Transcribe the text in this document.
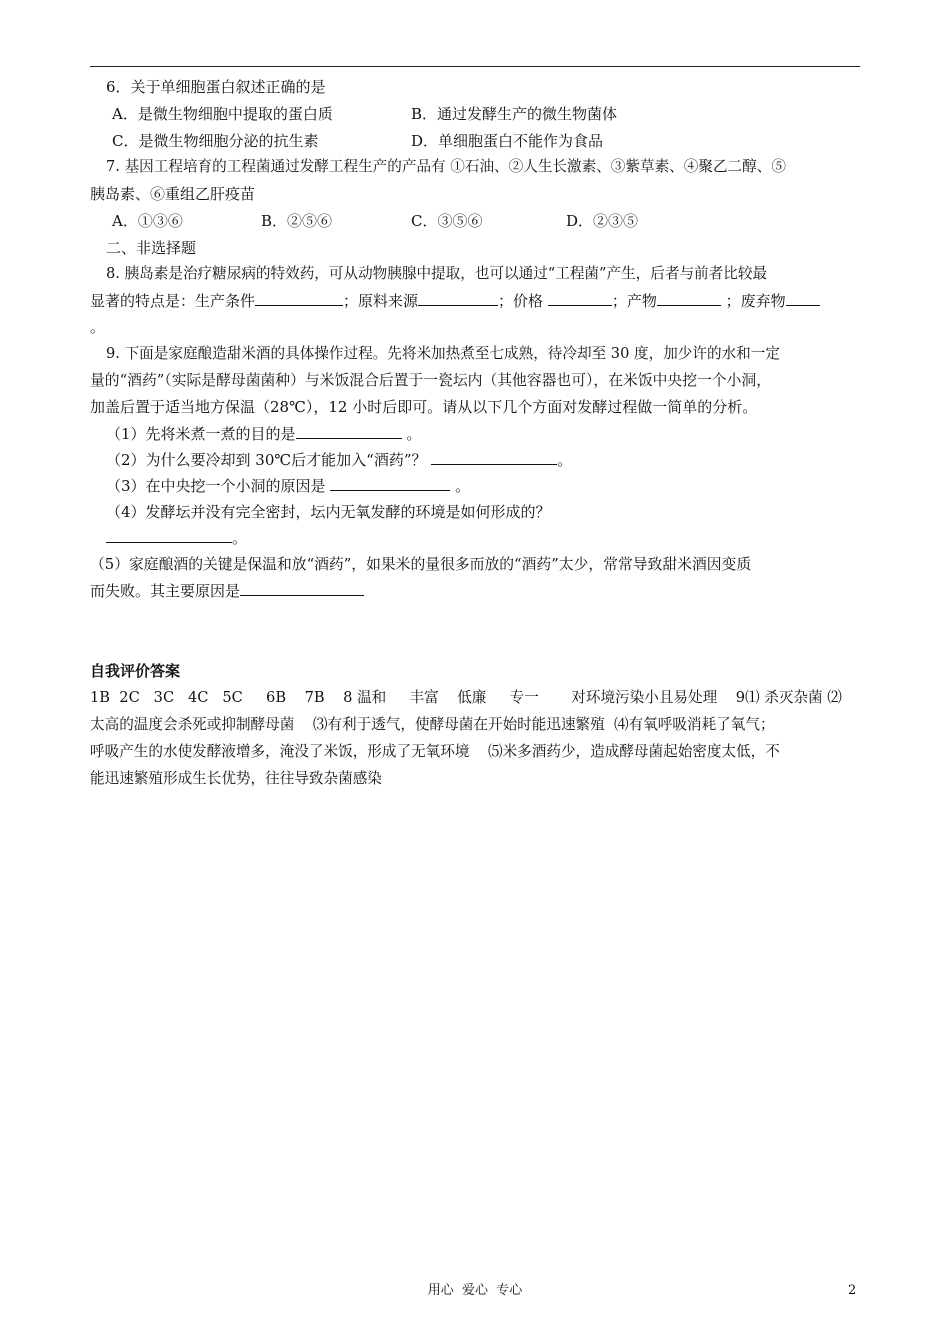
6．关于单细胞蛋白叙述正确的是
A．是微生物细胞中提取的蛋白质	B．通过发酵生产的微生物菌体
C．是微生物细胞分泌的抗生素	D．单细胞蛋白不能作为食品
7. 基因工程培育的工程菌通过发酵工程生产的产品有 ①石油、②人生长激素、③紫草素、④聚乙二醇、⑤
胰岛素、⑥重组乙肝疫苗
A．①③⑥	B．②⑤⑥	C．③⑤⑥	D．②③⑤
二、非选择题
8. 胰岛素是治疗糖尿病的特效药，可从动物胰腺中提取，也可以通过“工程菌”产生，后者与前者比较最
显著的特点是：生产条件	；原料来源	；价格	；产物	；废弃物
。
9. 下面是家庭酿造甜米酒的具体操作过程。先将米加热煮至七成熟，待冷却至 30 度，加少许的水和一定
量的“酒药”（实际是酵母菌菌种）与米饭混合后置于一瓷坛内（其他容器也可），在米饭中央挖一个小洞，
加盖后置于适当地方保温（28℃），12 小时后即可。请从以下几个方面对发酵过程做一简单的分析。
（1）先将米煮一煮的目的是	。
（2）为什么要冷却到 30℃后才能加入“酒药”？	。
（3）在中央挖一个小洞的原因是	。
（4）发酵坛并没有完全密封，坛内无氧发酵的环境是如何形成的？
。
（5）家庭酿酒的关键是保温和放“酒药”，如果米的量很多而放的“酒药”太少，常常导致甜米酒因变质
而失败。其主要原因是
自我评价答案
1B  2C   3C   4C   5C     6B    7B    8 温和     丰富    低廉     专一       对环境污染小且易处理    9⑴ 杀灭杂菌 ⑵
太高的温度会杀死或抑制酵母菌    ⑶有利于透气，使酵母菌在开始时能迅速繁殖  ⑷有氧呼吸消耗了氧气；
呼吸产生的水使发酵液增多，淹没了米饭，形成了无氧环境    ⑸米多酒药少，造成酵母菌起始密度太低，不
能迅速繁殖形成生长优势，往往导致杂菌感染
用心  爱心  专心	2
